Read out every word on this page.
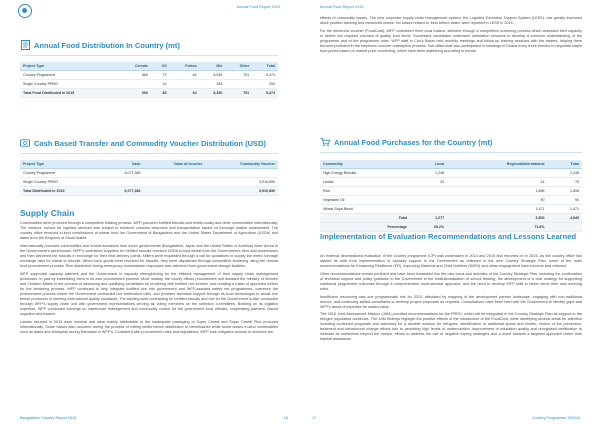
Annual Food Report 2015
Annual Food Distribution In Country (mt)
Project Type	Cereals	Oil	Pulses	Mix	Other	Total
Country Programme	660	73	64	8,046	791	9,474
Single Country PRRO		10		284		294
Total Food Distributed in 2015	660	83	64	8,330	791	9,474
Cash Based Transfer and Commodity Voucher Distribution (USD)
Project Type	Cash	Value of voucher	Commodity Voucher
Country Programme	6,077,386		
Single Country PRRO			3,916,890
Total Distributed in 2015	6,077,386		3,916,890
Supply Chain

Commodities were procured through a competitive bidding process. WFP procured fortified biscuits and lentils locally and other commodities internationally. The vendors' invoice for logistics services was subject to enhance customs clearance and transportation based on thorough market assessment. The country office received in-kind contributions of wheat from the Government of Bangladesh and the United States Department of Agriculture (USDA) and dates from the Kingdom of Saudi Arabia.

Internationally procured commodities and in-kind donations from donor governments (Bangladesh, Japan and the United States of America) were stored in the Government's warehouses. WFP's contracted suppliers for fortified biscuits received USDA in-kind wheat from the Government's silos and warehouses and then delivered the biscuits in exchange for their final delivery points. Millers were requested through a call for quotations to supply the metric tonnage exchange ratio for wheat to biscuits. When such goods were received for biscuits, they were dispatched through competitive tendering using the normal food procurement process. Rice distributed during emergency humanitarian responses was delivered from government storage facilities.

WFP supported capacity partners and the Government in capacity strengthening for the efficient management of their supply chain management processes. In part by embedding them in its own procurement process. Most notably, the county offices procurement unit assisted the ministry of Women and Children Affairs in the process of assessing and qualifying candidates for tendering with fortified rice kernels, and creating a roster of approved millers for the tendering process. WFP continued to help integrate fortified rice into government and WFP-assisted safety net programmes, overseen the procurement process where the Government contracted rice fortification mills, and provides technical support through its food technologist to assist rice kernel producers in meeting international quality standards. The winding work contracting for fortified biscuits and rice for the Government is also conducted through WFP's supply chain unit with government representatives serving as voting members on the selection committees. Building on its logistics expertise, WFP conducted trainings on warehouse management and commodity control for the government food officials, cooperating partners, biscuit suppliers and traders.

Losses incurred in 2015 were minimal and were mainly attributable to the inadequate packaging of Super Cereal and Super Cereal Plus procured internationally. Some losses also occurred during the process of milling lentils before distribution to beneficiaries while some losses in-kind commodities such as dates and chickpeas during Ramadan in WFP's. Consistent with procurement rules and regulations, WFP took mitigation actions to minimize the

Bangladesh Country Report 2015	16
Annual Food Report 2015

effects of commodity losses. The new corporate supply chain management system, the Logistics Execution Support System (LESS), has greatly improved stock position tracking and minimized losses. No losses related to 'best before dates' were reported in LESS in 2015.

For the electronic voucher (FoodCard), WFP contracted three local traders, selected through a competitive screening process which assessed their capacity to deliver the required volumes of quality food items. Successful candidates underwent orientation sessions to develop a common understanding of the programme and of the programme rules. WFP staff in Cox's Bazar held monthly meetings and follow-up training sessions with the traders, helping them become proficient in the electronic voucher redemption process. Sub-office staff also participated in meetings in Dhaka every three months to negotiate staple food prices based on market price monitoring, which have been stabilizing according to trends.

Annual Food Purchases for the Country (mt)
Commodity	Local	Regional/International	Total
High Energy Biscuits	1,248		1,248
Lentils	32	44	76
Rice		1,896	1,896
Vegetable Oil		90	90
Wheat Soya Blend		1,471	1,471
Total	1,277	3,500	4,845
Percentage	28.2%	71.8%	
Implementation of Evaluation Recommendations and Lessons Learned

An external decentralized evaluation of the country programme (CP) was undertaken in 2014 and 2015 and reported on in 2015. As the country office has started its shift from implementation to capacity support to the Government as reflected in the new Country Strategic Plan, some of the main recommendations for Enhancing Resilience (ER), Improving Maternal and Child Nutrition (IMCN) and urban engagement have become less relevant.

Other recommendations remain pertinent and have been translated into the new focus and activities of the Country Strategic Plan, including the continuation of technical support and policy guidance to the Government in the institutionalization of school feeding; the development of a cost strategy for supporting nutritional programme outcomes through a comprehensive multi-sectoral approach; and the need to develop WFP staff to better serve their new evolving roles.

Insufficient resourcing was one programmatic risk for 2015, alleviated by mapping of the development partner landscape, engaging with non-traditional donors, and continuing skilled consultants to develop project proposals as required. Consultations have been held with the Government to identify gaps and WFP's areas of expertise for added value.

The 2016 Joint Assessment Mission (JAM) provided recommendations for the PRRO, which will be integrated in the Country Strategic Plan as support to the refugee population continues. The JAM findings highlight the positive effects of the introduction of the FoodCard, while identifying several areas for attention including continued proposals and advocacy for a durable solution for refugees, identification of additional space and shelter, review of the prevention, treatment and behavioural change efforts due to persisting high levels of undernutrition, improvement of education quality and recognised certification to increase its usefulness beyond the camps, efforts to address the use of negative coping strategies and a move towards a targeted approach rather than blanket assistance.

17	Country Programme 200243
